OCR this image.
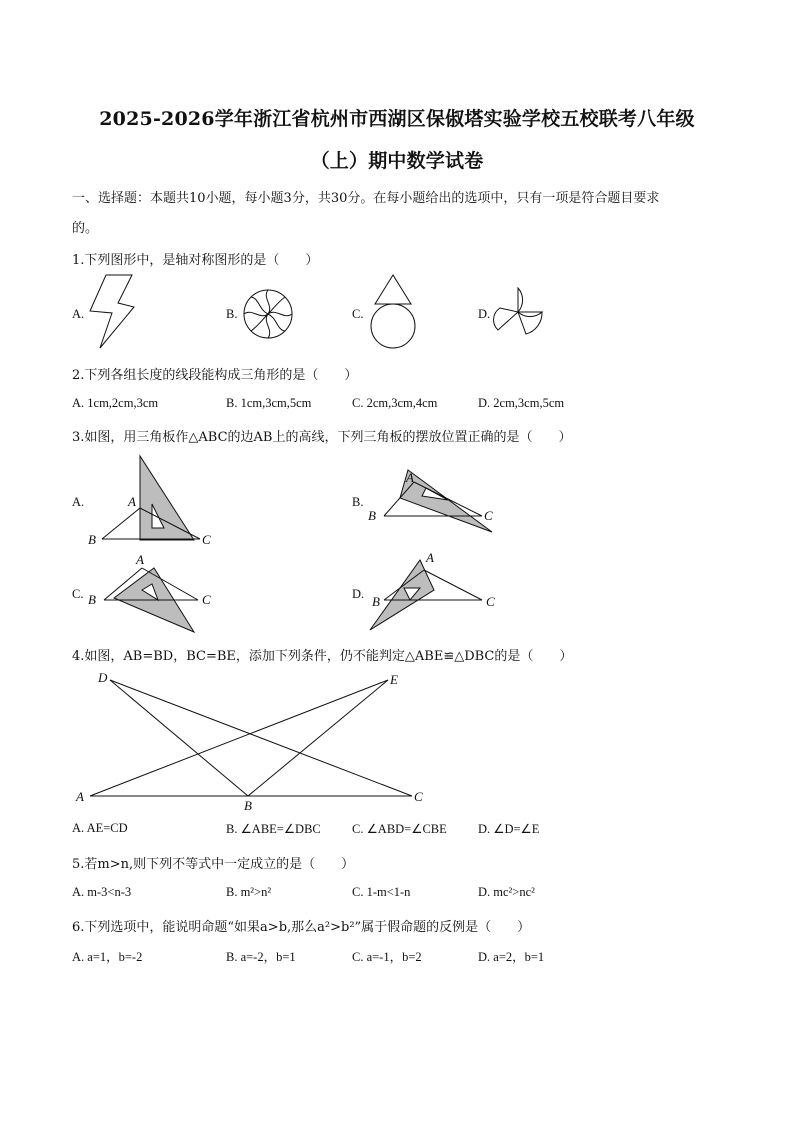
2025-2026学年浙江省杭州市西湖区保俶塔实验学校五校联考八年级
（上）期中数学试卷
一、选择题：本题共10小题，每小题3分，共30分。在每小题给出的选项中，只有一项是符合题目要求
的。
1.下列图形中，是轴对称图形的是（　　）
A.	B.	C.	D.
2.下列各组长度的线段能构成三角形的是（　　）
A. 1cm,2cm,3cm	B. 1cm,3cm,5cm	C. 2cm,3cm,4cm	D. 2cm,3cm,5cm
3.如图，用三角板作△ABC的边AB上的高线，下列三角板的摆放位置正确的是（　　）
A.	B.
C.	D.
A
B	C
A
B	C
A
B	C
A
B	C
4.如图，AB=BD，BC=BE，添加下列条件，仍不能判定△ABE≌△DBC的是（　　）
D	E
A
B
C
A. AE=CD	B. ∠ABE=∠DBC C. ∠ABD=∠CBE D. ∠D=∠E
5.若m>n,则下列不等式中一定成立的是（　　）
A. m-3<n-3	B. m²>n²	C. 1-m<1-n	D. mc²>nc²
6.下列选项中，能说明命题“如果a>b,那么a²>b²”属于假命题的反例是（　　）
A. a=1，b=-2	B. a=-2，b=1	C. a=-1，b=2	D. a=2，b=1
